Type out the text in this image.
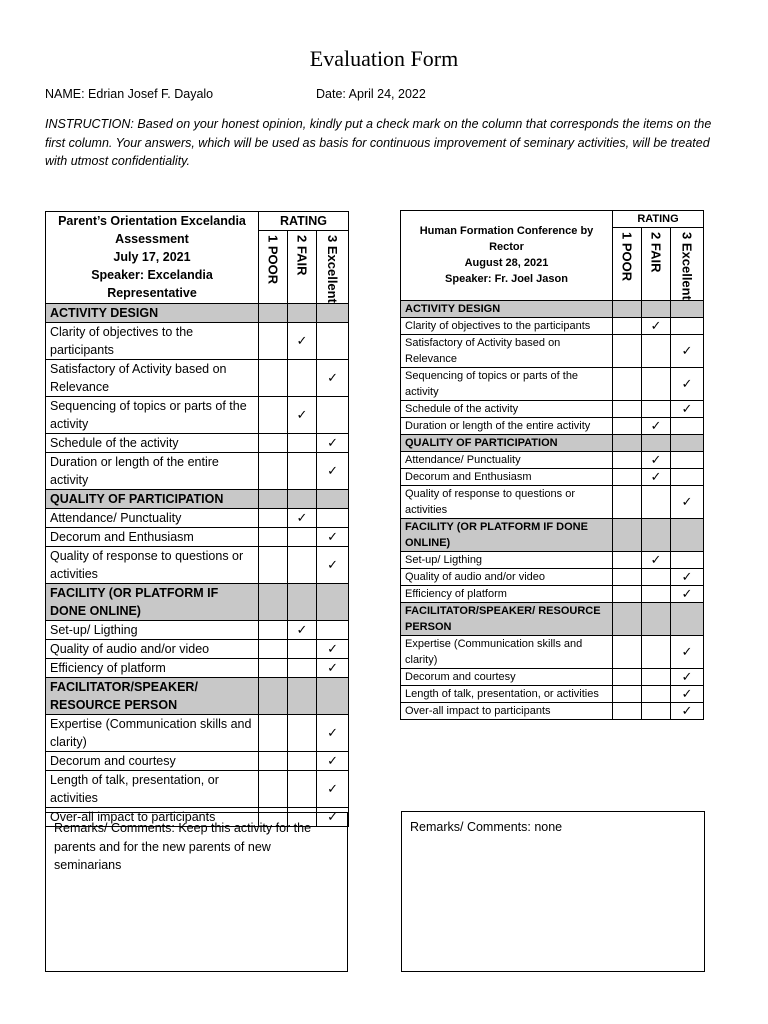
Evaluation Form
NAME: Edrian Josef F. Dayalo	Date: April 24, 2022
INSTRUCTION: Based on your honest opinion, kindly put a check mark on the column that corresponds the items on the first column. Your answers, which will be used as basis for continuous improvement of seminary activities, will be treated with utmost confidentiality.
Parent’s Orientation Excelandia Assessment
July 17, 2021
Speaker: Excelandia Representative	RATING		

	1 POOR	2 FAIR	3 Excellent

ACTIVITY DESIGN			
Clarity of objectives to the participants		✓	
Satisfactory of Activity based on Relevance			✓
Sequencing of topics or parts of the activity		✓	
Schedule of the activity			✓
Duration or length of the entire activity			✓
QUALITY OF PARTICIPATION			
Attendance/ Punctuality		✓	
Decorum and Enthusiasm			✓
Quality of response to questions or activities			✓
FACILITY (OR PLATFORM IF DONE ONLINE)			
Set-up/ Ligthing		✓	
Quality of audio and/or video			✓
Efficiency of platform			✓
FACILITATOR/SPEAKER/ RESOURCE PERSON			
Expertise (Communication skills and clarity)			✓
Decorum and courtesy			✓
Length of talk, presentation, or activities			✓
Over-all impact to participants			✓
Human Formation Conference by Rector
August 28, 2021
Speaker: Fr. Joel Jason	RATING		

	1 POOR	2 FAIR	3 Excellent

ACTIVITY DESIGN			
Clarity of objectives to the participants		✓	
Satisfactory of Activity based on Relevance			✓
Sequencing of topics or parts of the activity			✓
Schedule of the activity			✓
Duration or length of the entire activity		✓	
QUALITY OF PARTICIPATION			
Attendance/ Punctuality		✓	
Decorum and Enthusiasm		✓	
Quality of response to questions or activities			✓
FACILITY (OR PLATFORM IF DONE ONLINE)			
Set-up/ Ligthing		✓	
Quality of audio and/or video			✓
Efficiency of platform			✓
FACILITATOR/SPEAKER/ RESOURCE PERSON			
Expertise (Communication skills and clarity)			✓
Decorum and courtesy			✓
Length of talk, presentation, or activities			✓
Over-all impact to participants			✓
Remarks/ Comments: Keep this activity for the parents and for the new parents of new seminarians
Remarks/ Comments: none
